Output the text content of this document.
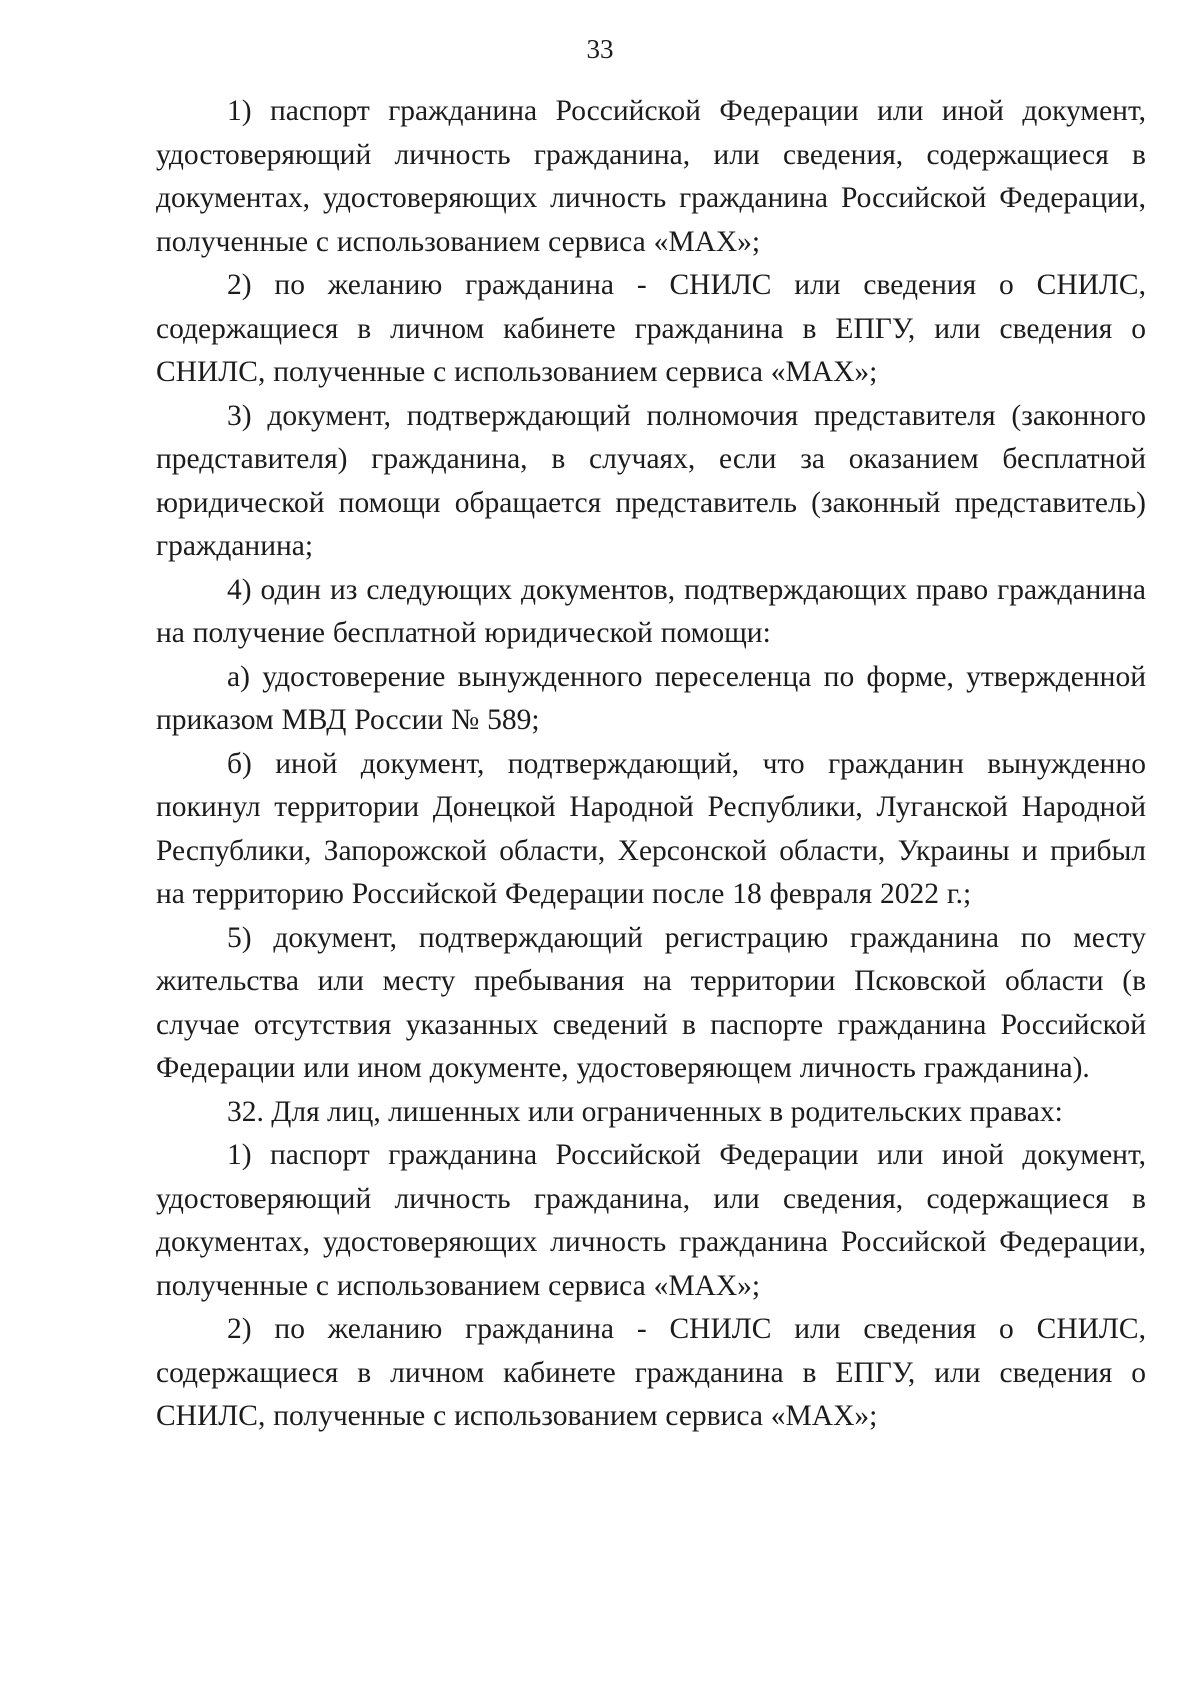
33

1) паспорт гражданина Российской Федерации или иной документ, удостоверяющий личность гражданина, или сведения, содержащиеся в документах, удостоверяющих личность гражданина Российской Федерации, полученные с использованием сервиса «МАХ»;

2) по желанию гражданина - СНИЛС или сведения о СНИЛС, содержащиеся в личном кабинете гражданина в ЕПГУ, или сведения о СНИЛС, полученные с использованием сервиса «МАХ»;

3) документ, подтверждающий полномочия представителя (законного представителя) гражданина, в случаях, если за оказанием бесплатной юридической помощи обращается представитель (законный представитель) гражданина;

4) один из следующих документов, подтверждающих право гражданина на получение бесплатной юридической помощи:

а) удостоверение вынужденного переселенца по форме, утвержденной приказом МВД России № 589;

б) иной документ, подтверждающий, что гражданин вынужденно покинул территории Донецкой Народной Республики, Луганской Народной Республики, Запорожской области, Херсонской области, Украины и прибыл на территорию Российской Федерации после 18 февраля 2022 г.;

5) документ, подтверждающий регистрацию гражданина по месту жительства или месту пребывания на территории Псковской области (в случае отсутствия указанных сведений в паспорте гражданина Российской Федерации или ином документе, удостоверяющем личность гражданина).

32. Для лиц, лишенных или ограниченных в родительских правах:

1) паспорт гражданина Российской Федерации или иной документ, удостоверяющий личность гражданина, или сведения, содержащиеся в документах, удостоверяющих личность гражданина Российской Федерации, полученные с использованием сервиса «МАХ»;

2) по желанию гражданина - СНИЛС или сведения о СНИЛС, содержащиеся в личном кабинете гражданина в ЕПГУ, или сведения о СНИЛС, полученные с использованием сервиса «МАХ»;
